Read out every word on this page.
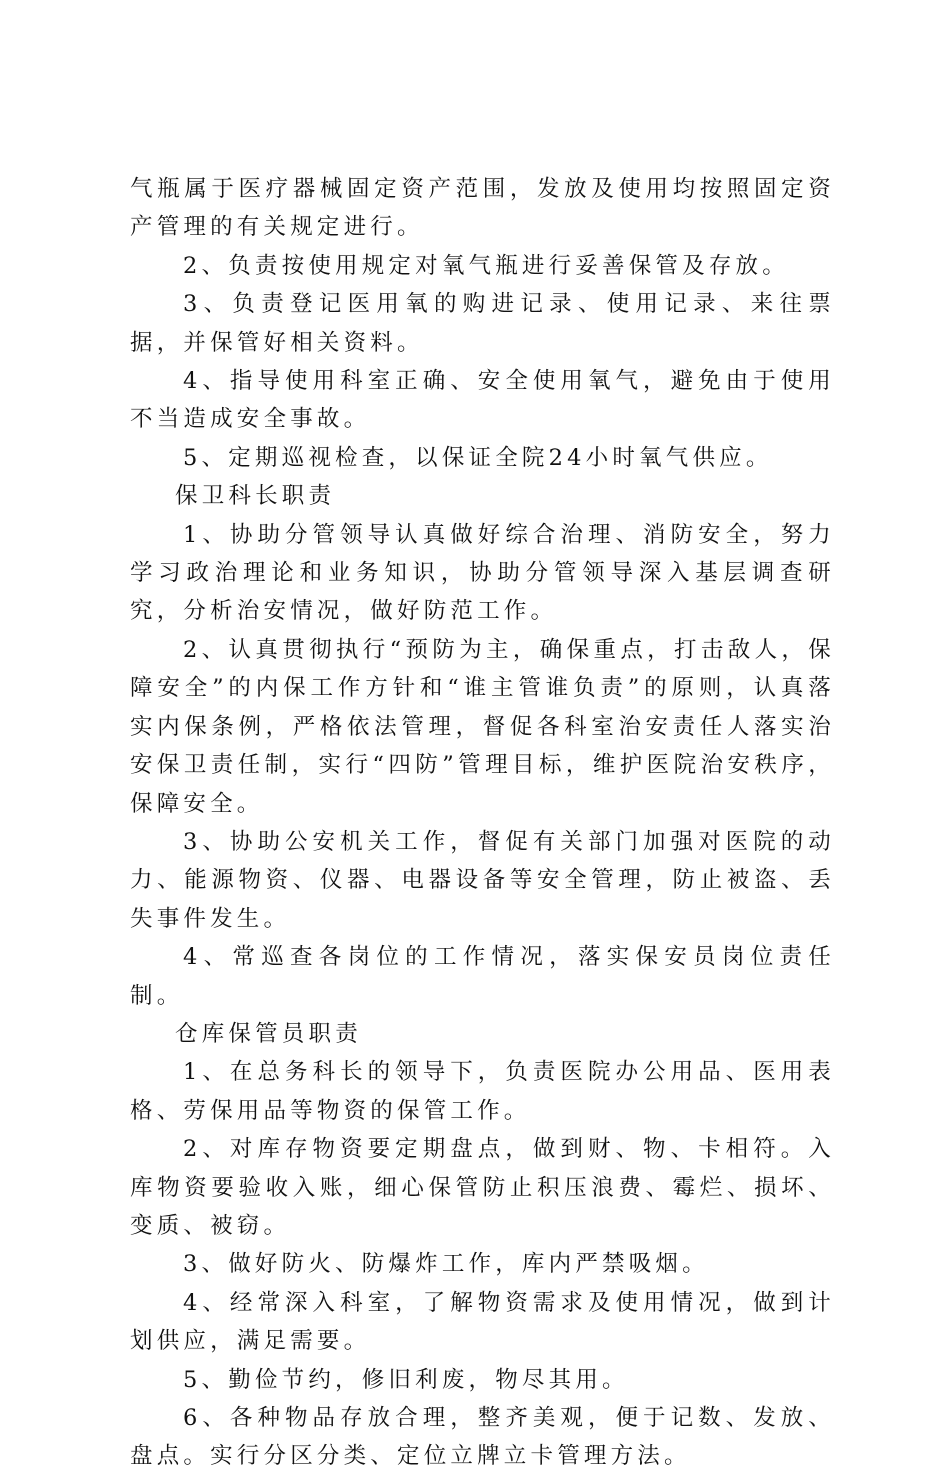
气瓶属于医疗器械固定资产范围，发放及使用均按照固定资产管理的有关规定进行。

2、负责按使用规定对氧气瓶进行妥善保管及存放。

3、负责登记医用氧的购进记录、使用记录、来往票据，并保管好相关资料。

4、指导使用科室正确、安全使用氧气，避免由于使用不当造成安全事故。

5、定期巡视检查，以保证全院24小时氧气供应。

保卫科长职责

1、协助分管领导认真做好综合治理、消防安全，努力学习政治理论和业务知识，协助分管领导深入基层调查研究，分析治安情况，做好防范工作。

2、认真贯彻执行“预防为主，确保重点，打击敌人，保障安全”的内保工作方针和“谁主管谁负责”的原则，认真落实内保条例，严格依法管理，督促各科室治安责任人落实治安保卫责任制，实行“四防”管理目标，维护医院治安秩序，保障安全。

3、协助公安机关工作，督促有关部门加强对医院的动力、能源物资、仪器、电器设备等安全管理，防止被盗、丢失事件发生。

4、常巡查各岗位的工作情况，落实保安员岗位责任制。

仓库保管员职责

1、在总务科长的领导下，负责医院办公用品、医用表格、劳保用品等物资的保管工作。

2、对库存物资要定期盘点，做到财、物、卡相符。入库物资要验收入账，细心保管防止积压浪费、霉烂、损坏、变质、被窃。

3、做好防火、防爆炸工作，库内严禁吸烟。

4、经常深入科室，了解物资需求及使用情况，做到计划供应，满足需要。

5、勤俭节约，修旧利废，物尽其用。

6、各种物品存放合理，整齐美观，便于记数、发放、盘点。实行分区分类、定位立牌立卡管理方法。
